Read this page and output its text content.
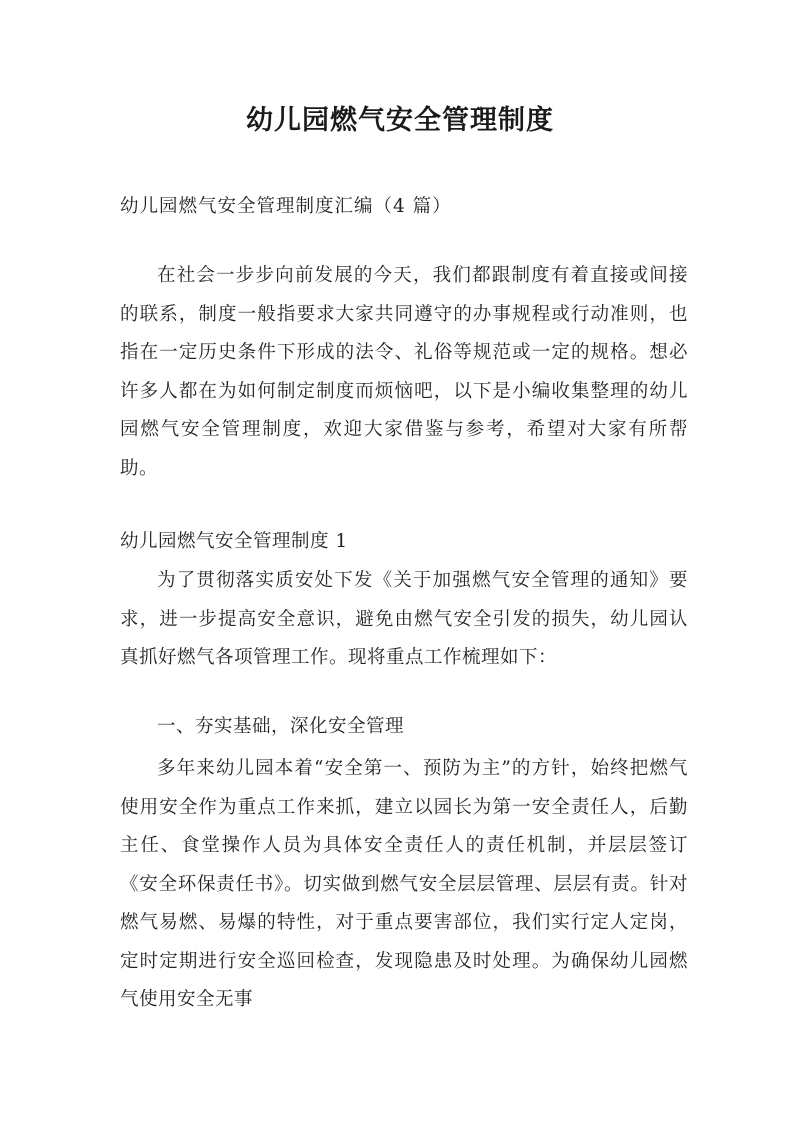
幼儿园燃气安全管理制度
幼儿园燃气安全管理制度汇编（4 篇）
在社会一步步向前发展的今天，我们都跟制度有着直接或间接的联系，制度一般指要求大家共同遵守的办事规程或行动准则，也指在一定历史条件下形成的法令、礼俗等规范或一定的规格。想必许多人都在为如何制定制度而烦恼吧，以下是小编收集整理的幼儿园燃气安全管理制度，欢迎大家借鉴与参考，希望对大家有所帮助。
幼儿园燃气安全管理制度 1
为了贯彻落实质安处下发《关于加强燃气安全管理的通知》要求，进一步提高安全意识，避免由燃气安全引发的损失，幼儿园认真抓好燃气各项管理工作。现将重点工作梳理如下：
一、夯实基础，深化安全管理
多年来幼儿园本着“安全第一、预防为主”的方针，始终把燃气使用安全作为重点工作来抓，建立以园长为第一安全责任人，后勤主任、食堂操作人员为具体安全责任人的责任机制，并层层签订《安全环保责任书》。切实做到燃气安全层层管理、层层有责。针对燃气易燃、易爆的特性，对于重点要害部位，我们实行定人定岗，定时定期进行安全巡回检查，发现隐患及时处理。为确保幼儿园燃气使用安全无事
